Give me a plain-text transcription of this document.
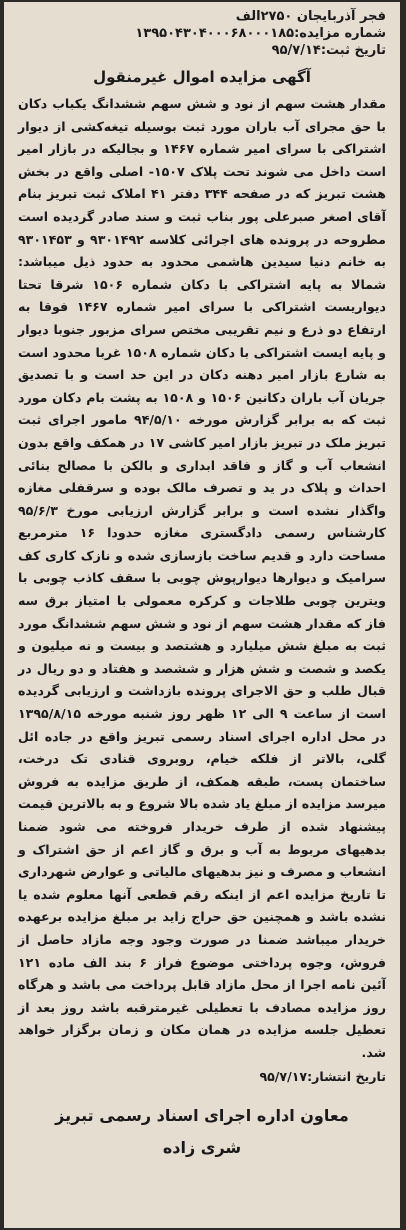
فجر آذربایجان ۲۷۵۰الف
شماره مزایده:۱۳۹۵۰۴۳۰۴۰۰۰۶۸۰۰۰۱۸۵
تاریخ ثبت:۹۵/۷/۱۴
آگهی مزایده اموال غیرمنقول
مقدار هشت سهم از نود و شش سهم ششدانگ یکباب دکان با حق مجرای آب باران مورد ثبت بوسیله تیغه‌کشی از دیوار اشتراکی با سرای امیر شماره ۱۴۶۷ و بجالیکه در بازار امیر است داخل می شوند تحت پلاک ۱۵۰۷- اصلی واقع در بخش هشت تبریز که در صفحه ۳۴۴ دفتر ۴۱ املاک ثبت تبریز بنام آقای اصغر صبرعلی پور بناب ثبت و سند صادر گردیده است مطروحه در پرونده های اجرائی کلاسه ۹۳۰۱۴۹۲ و ۹۳۰۱۴۵۳ به خانم دنیا سیدین هاشمی محدود به حدود ذیل میباشد: شمالا به پایه اشتراکی با دکان شماره ۱۵۰۶ شرقا تحتا دیواریست اشتراکی با سرای امیر شماره ۱۴۶۷ فوقا به ارتفاع دو ذرع و نیم تقریبی مختص سرای مزبور جنوبا دیوار و پایه ایست اشتراکی با دکان شماره ۱۵۰۸ غربا محدود است به شارع بازار امیر دهنه دکان در این حد است و با تصدیق جریان آب باران دکانین ۱۵۰۶ و ۱۵۰۸ به پشت بام دکان مورد ثبت که به برابر گزارش مورخه ۹۴/۵/۱۰ مامور اجرای ثبت تبریز ملک در تبریز بازار امیر کاشی ۱۷ در همکف واقع بدون انشعاب آب و گاز و فاقد ابداری و بالکن با مصالح بنائی احداث و پلاک در ید و تصرف مالک بوده و سرقفلی مغازه واگذار نشده است و برابر گزارش ارزیابی مورخ ۹۵/۶/۳ کارشناس رسمی دادگستری مغازه حدودا ۱۶ مترمربع مساحت دارد و قدیم ساخت بازسازی شده و نازک کاری کف سرامیک و دیوارها دیوارپوش چوبی با سقف کاذب چوبی با ویترین چوبی طلاجات و کرکره معمولی با امتیاز برق سه فاز که مقدار هشت سهم از نود و شش سهم ششدانگ مورد ثبت به مبلغ شش میلیارد و هشتصد و بیست و نه میلیون و یکصد و شصت و شش هزار و ششصد و هفتاد و دو ریال در قبال طلب و حق الاجرای پرونده بازداشت و ارزیابی گردیده است از ساعت ۹ الی ۱۲ ظهر روز شنبه مورخه ۱۳۹۵/۸/۱۵ در محل اداره اجرای اسناد رسمی تبریز واقع در جاده ائل گلی، بالاتر از فلکه خیام، روبروی قنادی تک درخت، ساختمان پست، طبقه همکف، از طریق مزایده به فروش میرسد مزایده از مبلغ یاد شده بالا شروع و به بالاترین قیمت پیشنهاد شده از طرف خریدار فروخته می شود ضمنا بدهیهای مربوط به آب و برق و گاز اعم از حق اشتراک و انشعاب و مصرف و نیز بدهیهای مالیاتی و عوارض شهرداری تا تاریخ مزایده اعم از اینکه رقم قطعی آنها معلوم شده یا نشده باشد و همچنین حق حراج زاید بر مبلغ مزایده برعهده خریدار میباشد ضمنا در صورت وجود وجه مازاد حاصل از فروش، وجوه پرداختی موضوع فراز ۶ بند الف ماده ۱۲۱ آئین نامه اجرا از محل مازاد قابل پرداخت می باشد و هرگاه روز مزایده مصادف با تعطیلی غیرمترقبه باشد روز بعد از تعطیل جلسه مزایده در همان مکان و زمان برگزار خواهد شد.
تاریخ انتشار:۹۵/۷/۱۷
معاون اداره اجرای اسناد رسمی تبریز
شری زاده
